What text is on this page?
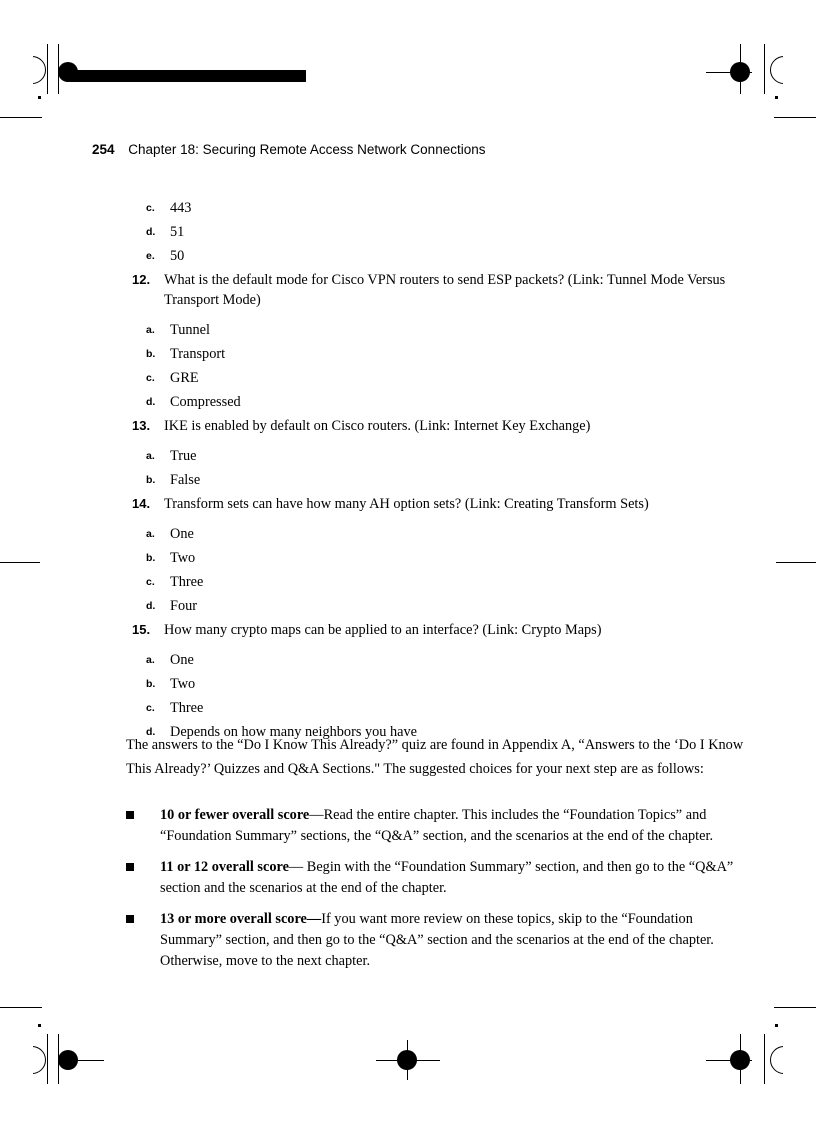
254 Chapter 18: Securing Remote Access Network Connections
c.	443
d.	51
e.	50
12. What is the default mode for Cisco VPN routers to send ESP packets? (Link: Tunnel Mode Versus Transport Mode)
a.	Tunnel
b.	Transport
c.	GRE
d.	Compressed
13. IKE is enabled by default on Cisco routers. (Link: Internet Key Exchange)
a.	True
b.	False
14. Transform sets can have how many AH option sets? (Link: Creating Transform Sets)
a.	One
b.	Two
c.	Three
d.	Four
15. How many crypto maps can be applied to an interface? (Link: Crypto Maps)
a.	One
b.	Two
c.	Three
d.	Depends on how many neighbors you have
The answers to the “Do I Know This Already?” quiz are found in Appendix A, “Answers to the ‘Do I Know This Already?’ Quizzes and Q&A Sections." The suggested choices for your next step are as follows:
10 or fewer overall score—Read the entire chapter. This includes the “Foundation Topics” and “Foundation Summary” sections, the “Q&A” section, and the scenarios at the end of the chapter.
11 or 12 overall score— Begin with the “Foundation Summary” section, and then go to the “Q&A” section and the scenarios at the end of the chapter.
13 or more overall score—If you want more review on these topics, skip to the “Foundation Summary” section, and then go to the “Q&A” section and the scenarios at the end of the chapter. Otherwise, move to the next chapter.
